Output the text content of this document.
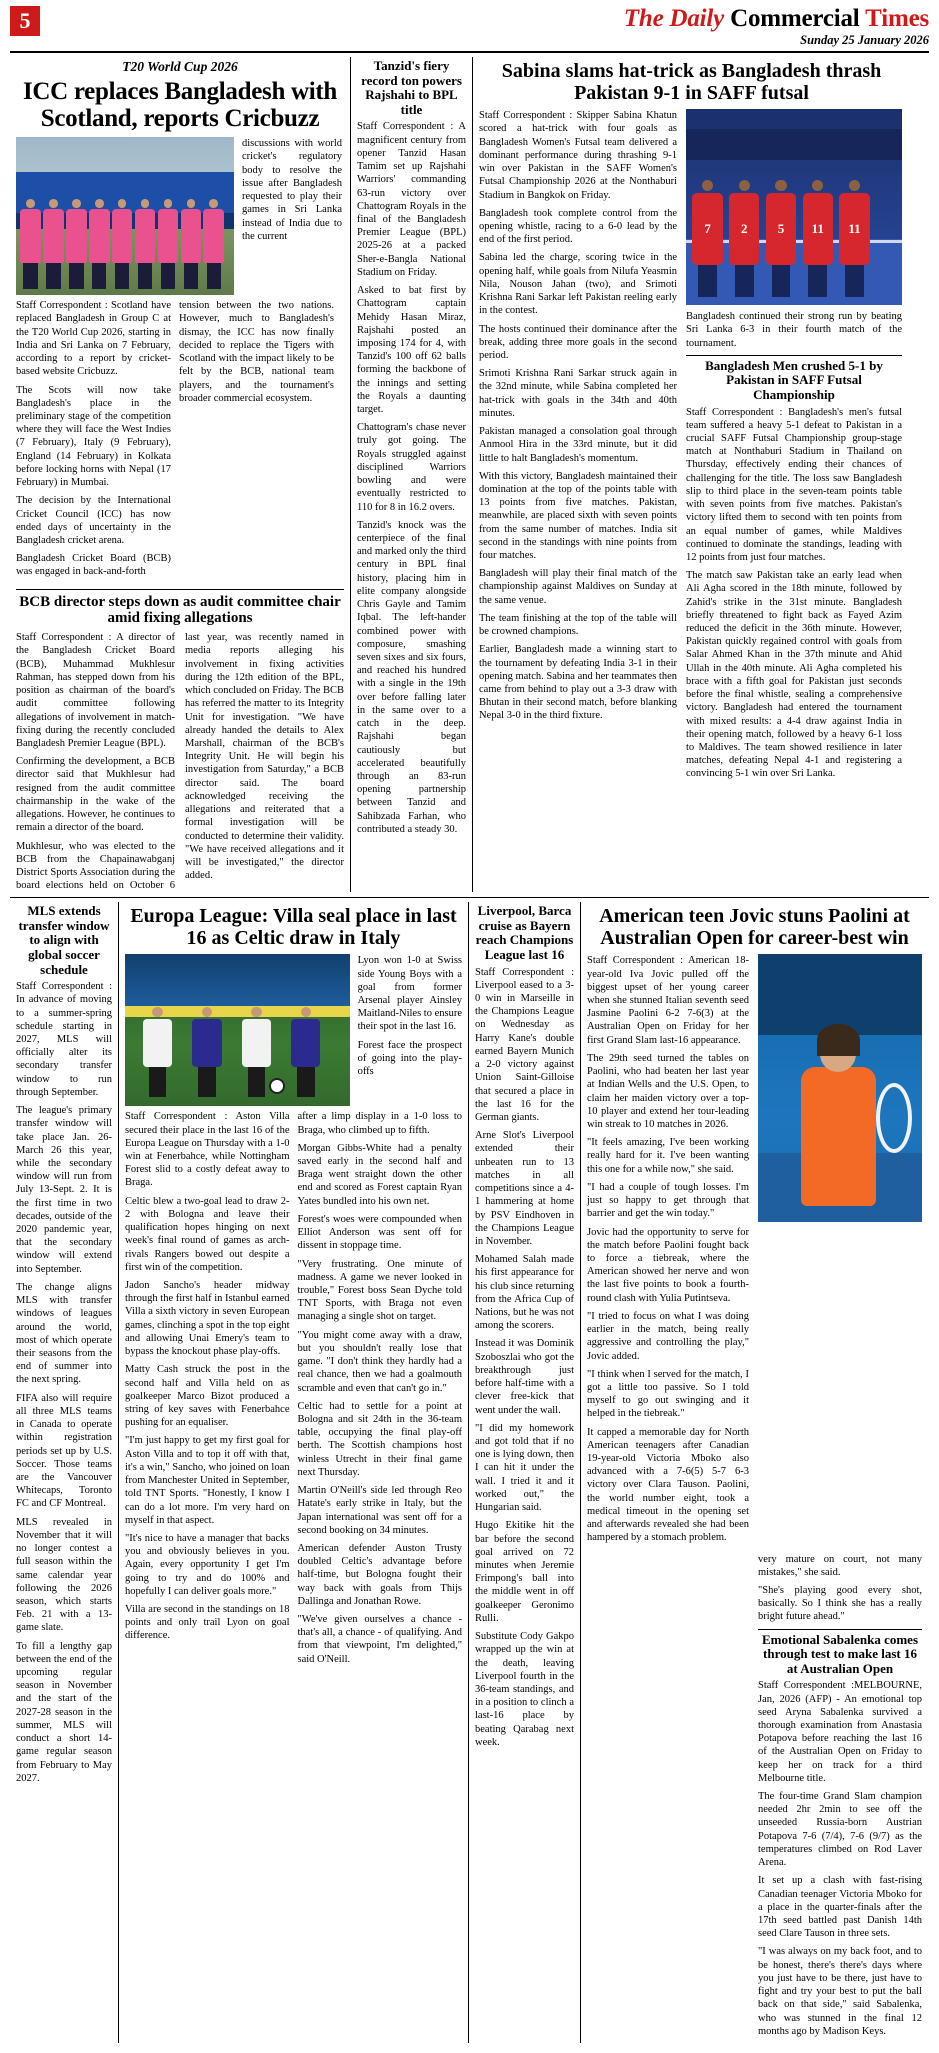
5	The Daily Commercial Times
Sunday 25 January 2026
T20 World Cup 2026
ICC replaces Bangladesh with Scotland, reports Cricbuzz

discussions with world cricket's regulatory body to resolve the issue after Bangladesh requested to play their games in Sri Lanka instead of India due to the current

Staff Correspondent : Scotland have replaced Bangladesh in Group C at the T20 World Cup 2026, starting in India and Sri Lanka on 7 February, according to a report by cricket-based website Cricbuzz.

The Scots will now take Bangladesh's place in the preliminary stage of the competition where they will face the West Indies (7 February), Italy (9 February), England (14 February) in Kolkata before locking horns with Nepal (17 February) in Mumbai.

The decision by the International Cricket Council (ICC) has now ended days of uncertainty in the Bangladesh cricket arena.

Bangladesh Cricket Board (BCB) was engaged in back-and-forth

tension between the two nations. However, much to Bangladesh's dismay, the ICC has now finally decided to replace the Tigers with Scotland with the impact likely to be felt by the BCB, national team players, and the tournament's broader commercial ecosystem.

BCB director steps down as audit committee chair amid fixing allegations

Staff Correspondent : A director of the Bangladesh Cricket Board (BCB), Muhammad Mukhlesur Rahman, has stepped down from his position as chairman of the board's audit committee following allegations of involvement in match-fixing during the recently concluded Bangladesh Premier League (BPL).

Confirming the development, a BCB director said that Mukhlesur had resigned from the audit committee chairmanship in the wake of the allegations. However, he continues to remain a director of the board.

Mukhlesur, who was elected to the BCB from the Chapainawabganj District Sports Association during the board elections held on October 6 last year, was recently named in media reports alleging his involvement in fixing activities during the 12th edition of the BPL, which concluded on Friday. The BCB has referred the matter to its Integrity Unit for investigation. "We have already handed the details to Alex Marshall, chairman of the BCB's Integrity Unit. He will begin his investigation from Saturday," a BCB director said. The board acknowledged receiving the allegations and reiterated that a formal investigation will be conducted to determine their validity. "We have received allegations and it will be investigated," the director added.

Tanzid's fiery record ton powers Rajshahi to BPL title

Staff Correspondent : A magnificent century from opener Tanzid Hasan Tamim set up Rajshahi Warriors' commanding 63-run victory over Chattogram Royals in the final of the Bangladesh Premier League (BPL) 2025-26 at a packed Sher-e-Bangla National Stadium on Friday.

Asked to bat first by Chattogram captain Mehidy Hasan Miraz, Rajshahi posted an imposing 174 for 4, with Tanzid's 100 off 62 balls forming the backbone of the innings and setting the Royals a daunting target.

Chattogram's chase never truly got going. The Royals struggled against disciplined Warriors bowling and were eventually restricted to 110 for 8 in 16.2 overs.

Tanzid's knock was the centerpiece of the final and marked only the third century in BPL final history, placing him in elite company alongside Chris Gayle and Tamim Iqbal. The left-hander combined power with composure, smashing seven sixes and six fours, and reached his hundred with a single in the 19th over before falling later in the same over to a catch in the deep. Rajshahi began cautiously but accelerated beautifully through an 83-run opening partnership between Tanzid and Sahibzada Farhan, who contributed a steady 30.

Sabina slams hat-trick as Bangladesh thrash Pakistan 9-1 in SAFF futsal

Staff Correspondent : Skipper Sabina Khatun scored a hat-trick with four goals as Bangladesh Women's Futsal team delivered a dominant performance during thrashing 9-1 win over Pakistan in the SAFF Women's Futsal Championship 2026 at the Nonthaburi Stadium in Bangkok on Friday.

Bangladesh took complete control from the opening whistle, racing to a 6-0 lead by the end of the first period.

Sabina led the charge, scoring twice in the opening half, while goals from Nilufa Yeasmin Nila, Nouson Jahan (two), and Srimoti Krishna Rani Sarkar left Pakistan reeling early in the contest.

The hosts continued their dominance after the break, adding three more goals in the second period.

Srimoti Krishna Rani Sarkar struck again in the 32nd minute, while Sabina completed her hat-trick with goals in the 34th and 40th minutes.

Pakistan managed a consolation goal through Anmool Hira in the 33rd minute, but it did little to halt Bangladesh's momentum.

With this victory, Bangladesh maintained their domination at the top of the points table with 13 points from five matches. Pakistan, meanwhile, are placed sixth with seven points from the same number of matches. India sit second in the standings with nine points from four matches.

Bangladesh will play their final match of the championship against Maldives on Sunday at the same venue.

The team finishing at the top of the table will be crowned champions.

Earlier, Bangladesh made a winning start to the tournament by defeating India 3-1 in their opening match. Sabina and her teammates then came from behind to play out a 3-3 draw with Bhutan in their second match, before blanking Nepal 3-0 in the third fixture.

7	2	5	11	11

Bangladesh continued their strong run by beating Sri Lanka 6-3 in their fourth match of the tournament.

Bangladesh Men crushed 5-1 by Pakistan in SAFF Futsal Championship

Staff Correspondent : Bangladesh's men's futsal team suffered a heavy 5-1 defeat to Pakistan in a crucial SAFF Futsal Championship group-stage match at Nonthaburi Stadium in Thailand on Thursday, effectively ending their chances of challenging for the title. The loss saw Bangladesh slip to third place in the seven-team points table with seven points from five matches. Pakistan's victory lifted them to second with ten points from an equal number of games, while Maldives continued to dominate the standings, leading with 12 points from just four matches.

The match saw Pakistan take an early lead when Ali Agha scored in the 18th minute, followed by Zahid's strike in the 31st minute. Bangladesh briefly threatened to fight back as Fayed Azim reduced the deficit in the 36th minute. However, Pakistan quickly regained control with goals from Salar Ahmed Khan in the 37th minute and Ahid Ullah in the 40th minute. Ali Agha completed his brace with a fifth goal for Pakistan just seconds before the final whistle, sealing a comprehensive victory. Bangladesh had entered the tournament with mixed results: a 4-4 draw against India in their opening match, followed by a heavy 6-1 loss to Maldives. The team showed resilience in later matches, defeating Nepal 4-1 and registering a convincing 5-1 win over Sri Lanka.

MLS extends transfer window to align with global soccer schedule

Staff Correspondent : In advance of moving to a summer-spring schedule starting in 2027, MLS will officially alter its secondary transfer window to run through September.

The league's primary transfer window will take place Jan. 26-March 26 this year, while the secondary window will run from July 13-Sept. 2. It is the first time in two decades, outside of the 2020 pandemic year, that the secondary window will extend into September.

The change aligns MLS with transfer windows of leagues around the world, most of which operate their seasons from the end of summer into the next spring.

FIFA also will require all three MLS teams in Canada to operate within registration periods set up by U.S. Soccer. Those teams are the Vancouver Whitecaps, Toronto FC and CF Montreal.

MLS revealed in November that it will no longer contest a full season within the same calendar year following the 2026 season, which starts Feb. 21 with a 13-game slate.

To fill a lengthy gap between the end of the upcoming regular season in November and the start of the 2027-28 season in the summer, MLS will conduct a short 14-game regular season from February to May 2027.

Europa League: Villa seal place in last 16 as Celtic draw in Italy

Lyon won 1-0 at Swiss side Young Boys with a goal from former Arsenal player Ainsley Maitland-Niles to ensure their spot in the last 16.

Forest face the prospect of going into the play-offs

Staff Correspondent : Aston Villa secured their place in the last 16 of the Europa League on Thursday with a 1-0 win at Fenerbahce, while Nottingham Forest slid to a costly defeat away to Braga.

Celtic blew a two-goal lead to draw 2-2 with Bologna and leave their qualification hopes hinging on next week's final round of games as arch-rivals Rangers bowed out despite a first win of the competition.

Jadon Sancho's header midway through the first half in Istanbul earned Villa a sixth victory in seven European games, clinching a spot in the top eight and allowing Unai Emery's team to bypass the knockout phase play-offs.

Matty Cash struck the post in the second half and Villa held on as goalkeeper Marco Bizot produced a string of key saves with Fenerbahce pushing for an equaliser.

"I'm just happy to get my first goal for Aston Villa and to top it off with that, it's a win," Sancho, who joined on loan from Manchester United in September, told TNT Sports. "Honestly, I know I can do a lot more. I'm very hard on myself in that aspect.

"It's nice to have a manager that backs you and obviously believes in you. Again, every opportunity I get I'm going to try and do 100% and hopefully I can deliver goals more."

Villa are second in the standings on 18 points and only trail Lyon on goal difference.

after a limp display in a 1-0 loss to Braga, who climbed up to fifth.

Morgan Gibbs-White had a penalty saved early in the second half and Braga went straight down the other end and scored as Forest captain Ryan Yates bundled into his own net.

Forest's woes were compounded when Elliot Anderson was sent off for dissent in stoppage time.

"Very frustrating. One minute of madness. A game we never looked in trouble," Forest boss Sean Dyche told TNT Sports, with Braga not even managing a single shot on target.

"You might come away with a draw, but you shouldn't really lose that game. "I don't think they hardly had a real chance, then we had a goalmouth scramble and even that can't go in."

Celtic had to settle for a point at Bologna and sit 24th in the 36-team table, occupying the final play-off berth. The Scottish champions host winless Utrecht in their final game next Thursday.

Martin O'Neill's side led through Reo Hatate's early strike in Italy, but the Japan international was sent off for a second booking on 34 minutes.

American defender Auston Trusty doubled Celtic's advantage before half-time, but Bologna fought their way back with goals from Thijs Dallinga and Jonathan Rowe.

"We've given ourselves a chance - that's all, a chance - of qualifying. And from that viewpoint, I'm delighted," said O'Neill.

Liverpool, Barca cruise as Bayern reach Champions League last 16

Staff Correspondent : Liverpool eased to a 3-0 win in Marseille in the Champions League on Wednesday as Harry Kane's double earned Bayern Munich a 2-0 victory against Union Saint-Gilloise that secured a place in the last 16 for the German giants.

Arne Slot's Liverpool extended their unbeaten run to 13 matches in all competitions since a 4-1 hammering at home by PSV Eindhoven in the Champions League in November.

Mohamed Salah made his first appearance for his club since returning from the Africa Cup of Nations, but he was not among the scorers.

Instead it was Dominik Szoboszlai who got the breakthrough just before half-time with a clever free-kick that went under the wall.

"I did my homework and got told that if no one is lying down, then I can hit it under the wall. I tried it and it worked out," the Hungarian said.

Hugo Ekitike hit the bar before the second goal arrived on 72 minutes when Jeremie Frimpong's ball into the middle went in off goalkeeper Geronimo Rulli.

Substitute Cody Gakpo wrapped up the win at the death, leaving Liverpool fourth in the 36-team standings, and in a position to clinch a last-16 place by beating Qarabag next week.

American teen Jovic stuns Paolini at Australian Open for career-best win

Staff Correspondent : American 18-year-old Iva Jovic pulled off the biggest upset of her young career when she stunned Italian seventh seed Jasmine Paolini 6-2 7-6(3) at the Australian Open on Friday for her first Grand Slam last-16 appearance.

The 29th seed turned the tables on Paolini, who had beaten her last year at Indian Wells and the U.S. Open, to claim her maiden victory over a top-10 player and extend her tour-leading win streak to 10 matches in 2026.

"It feels amazing, I've been working really hard for it. I've been wanting this one for a while now," she said.

"I had a couple of tough losses. I'm just so happy to get through that barrier and get the win today."

Jovic had the opportunity to serve for the match before Paolini fought back to force a tiebreak, where the American showed her nerve and won the last five points to book a fourth-round clash with Yulia Putintseva.

"I tried to focus on what I was doing earlier in the match, being really aggressive and controlling the play," Jovic added.

"I think when I served for the match, I got a little too passive. So I told myself to go out swinging and it helped in the tiebreak."

It capped a memorable day for North American teenagers after Canadian 19-year-old Victoria Mboko also advanced with a 7-6(5) 5-7 6-3 victory over Clara Tauson. Paolini, the world number eight, took a medical timeout in the opening set and afterwards revealed she had been hampered by a stomach problem.

very mature on court, not many mistakes," she said.

"She's playing good every shot, basically. So I think she has a really bright future ahead."

Emotional Sabalenka comes through test to make last 16 at Australian Open

Staff Correspondent :MELBOURNE, Jan, 2026 (AFP) - An emotional top seed Aryna Sabalenka survived a thorough examination from Anastasia Potapova before reaching the last 16 of the Australian Open on Friday to keep her on track for a third Melbourne title.

The four-time Grand Slam champion needed 2hr 2min to see off the unseeded Russia-born Austrian Potapova 7-6 (7/4), 7-6 (9/7) as the temperatures climbed on Rod Laver Arena.

It set up a clash with fast-rising Canadian teenager Victoria Mboko for a place in the quarter-finals after the 17th seed battled past Danish 14th seed Clare Tauson in three sets.

"I was always on my back foot, and to be honest, there's there's days where you just have to be there, just have to fight and try your best to put the ball back on that side," said Sabalenka, who was stunned in the final 12 months ago by Madison Keys.
